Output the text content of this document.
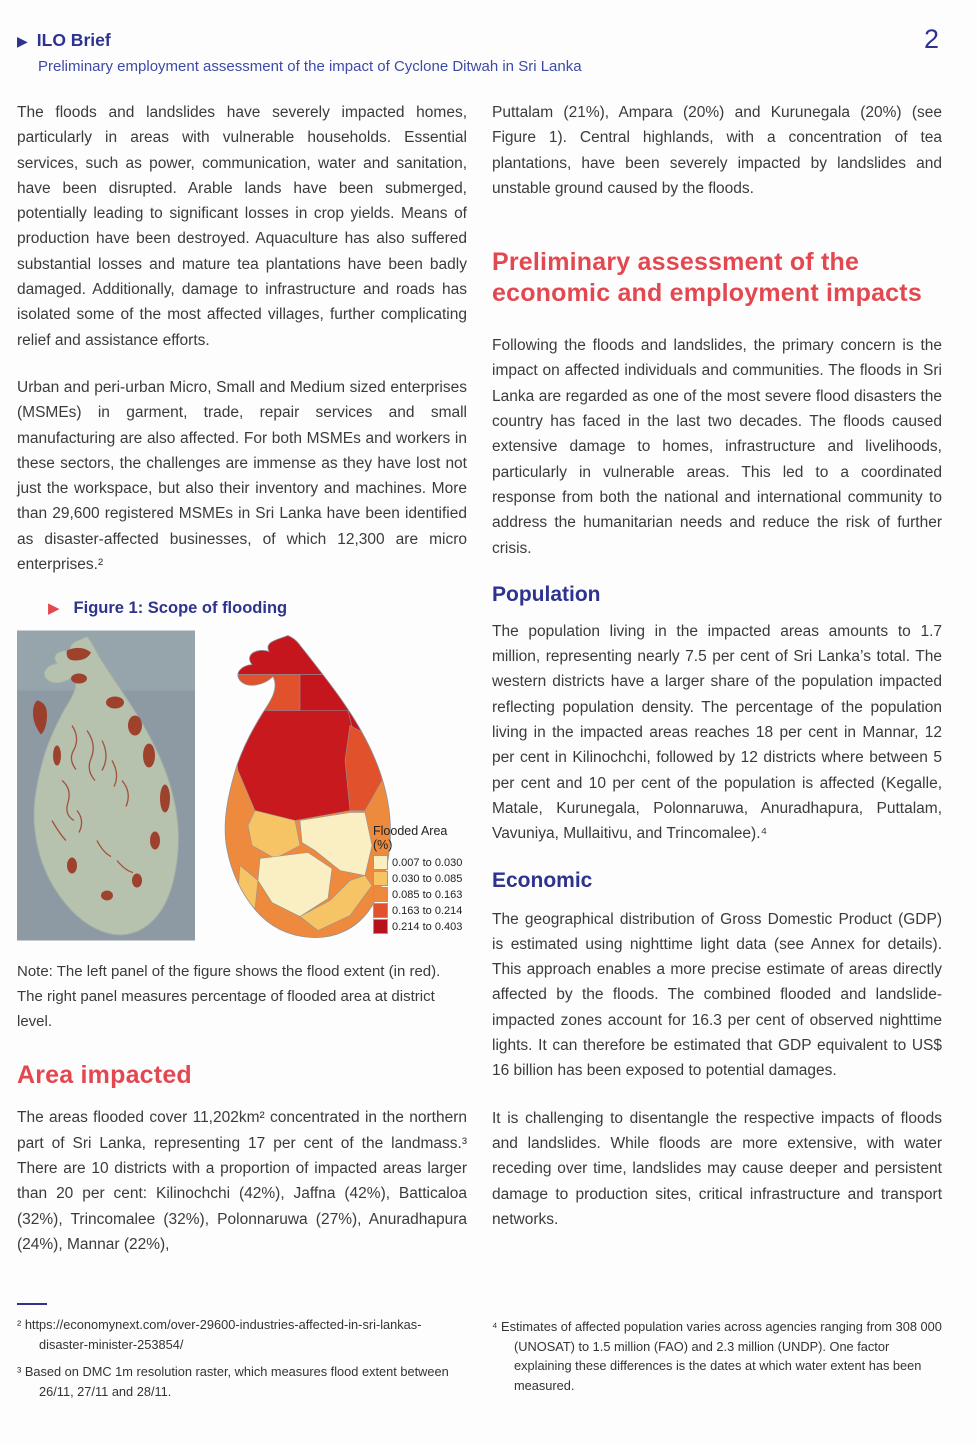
▶ ILO Brief	2
Preliminary employment assessment of the impact of Cyclone Ditwah in Sri Lanka

The floods and landslides have severely impacted homes, particularly in areas with vulnerable households. Essential services, such as power, communication, water and sanitation, have been disrupted. Arable lands have been submerged, potentially leading to significant losses in crop yields. Means of production have been destroyed. Aquaculture has also suffered substantial losses and mature tea plantations have been badly damaged. Additionally, damage to infrastructure and roads has isolated some of the most affected villages, further complicating relief and assistance efforts.

Urban and peri-urban Micro, Small and Medium sized enterprises (MSMEs) in garment, trade, repair services and small manufacturing are also affected. For both MSMEs and workers in these sectors, the challenges are immense as they have lost not just the workspace, but also their inventory and machines. More than 29,600 registered MSMEs in Sri Lanka have been identified as disaster-affected businesses, of which 12,300 are micro enterprises.²

▶ Figure 1: Scope of flooding
Flooded Area (%)
0.007 to 0.030
0.030 to 0.085
0.085 to 0.163
0.163 to 0.214
0.214 to 0.403

Note: The left panel of the figure shows the flood extent (in red). The right panel measures percentage of flooded area at district level.

Area impacted

The areas flooded cover 11,202km² concentrated in the northern part of Sri Lanka, representing 17 per cent of the landmass.³ There are 10 districts with a proportion of impacted areas larger than 20 per cent: Kilinochchi (42%), Jaffna (42%), Batticaloa (32%), Trincomalee (32%), Polonnaruwa (27%), Anuradhapura (24%), Mannar (22%),

Puttalam (21%), Ampara (20%) and Kurunegala (20%) (see Figure 1). Central highlands, with a concentration of tea plantations, have been severely impacted by landslides and unstable ground caused by the floods.

Preliminary assessment of the economic and employment impacts

Following the floods and landslides, the primary concern is the impact on affected individuals and communities. The floods in Sri Lanka are regarded as one of the most severe flood disasters the country has faced in the last two decades. The floods caused extensive damage to homes, infrastructure and livelihoods, particularly in vulnerable areas. This led to a coordinated response from both the national and international community to address the humanitarian needs and reduce the risk of further crisis.

Population

The population living in the impacted areas amounts to 1.7 million, representing nearly 7.5 per cent of Sri Lanka’s total. The western districts have a larger share of the population impacted reflecting population density. The percentage of the population living in the impacted areas reaches 18 per cent in Mannar, 12 per cent in Kilinochchi, followed by 12 districts where between 5 per cent and 10 per cent of the population is affected (Kegalle, Matale, Kurunegala, Polonnaruwa, Anuradhapura, Puttalam, Vavuniya, Mullaitivu, and Trincomalee).⁴

Economic

The geographical distribution of Gross Domestic Product (GDP) is estimated using nighttime light data (see Annex for details). This approach enables a more precise estimate of areas directly affected by the floods. The combined flooded and landslide-impacted zones account for 16.3 per cent of observed nighttime lights. It can therefore be estimated that GDP equivalent to US$ 16 billion has been exposed to potential damages.

It is challenging to disentangle the respective impacts of floods and landslides. While floods are more extensive, with water receding over time, landslides may cause deeper and persistent damage to production sites, critical infrastructure and transport networks.

² https://economynext.com/over-29600-industries-affected-in-sri-lankas-disaster-minister-253854/

³ Based on DMC 1m resolution raster, which measures flood extent between 26/11, 27/11 and 28/11.

⁴ Estimates of affected population varies across agencies ranging from 308 000 (UNOSAT) to 1.5 million (FAO) and 2.3 million (UNDP). One factor explaining these differences is the dates at which water extent has been measured.
